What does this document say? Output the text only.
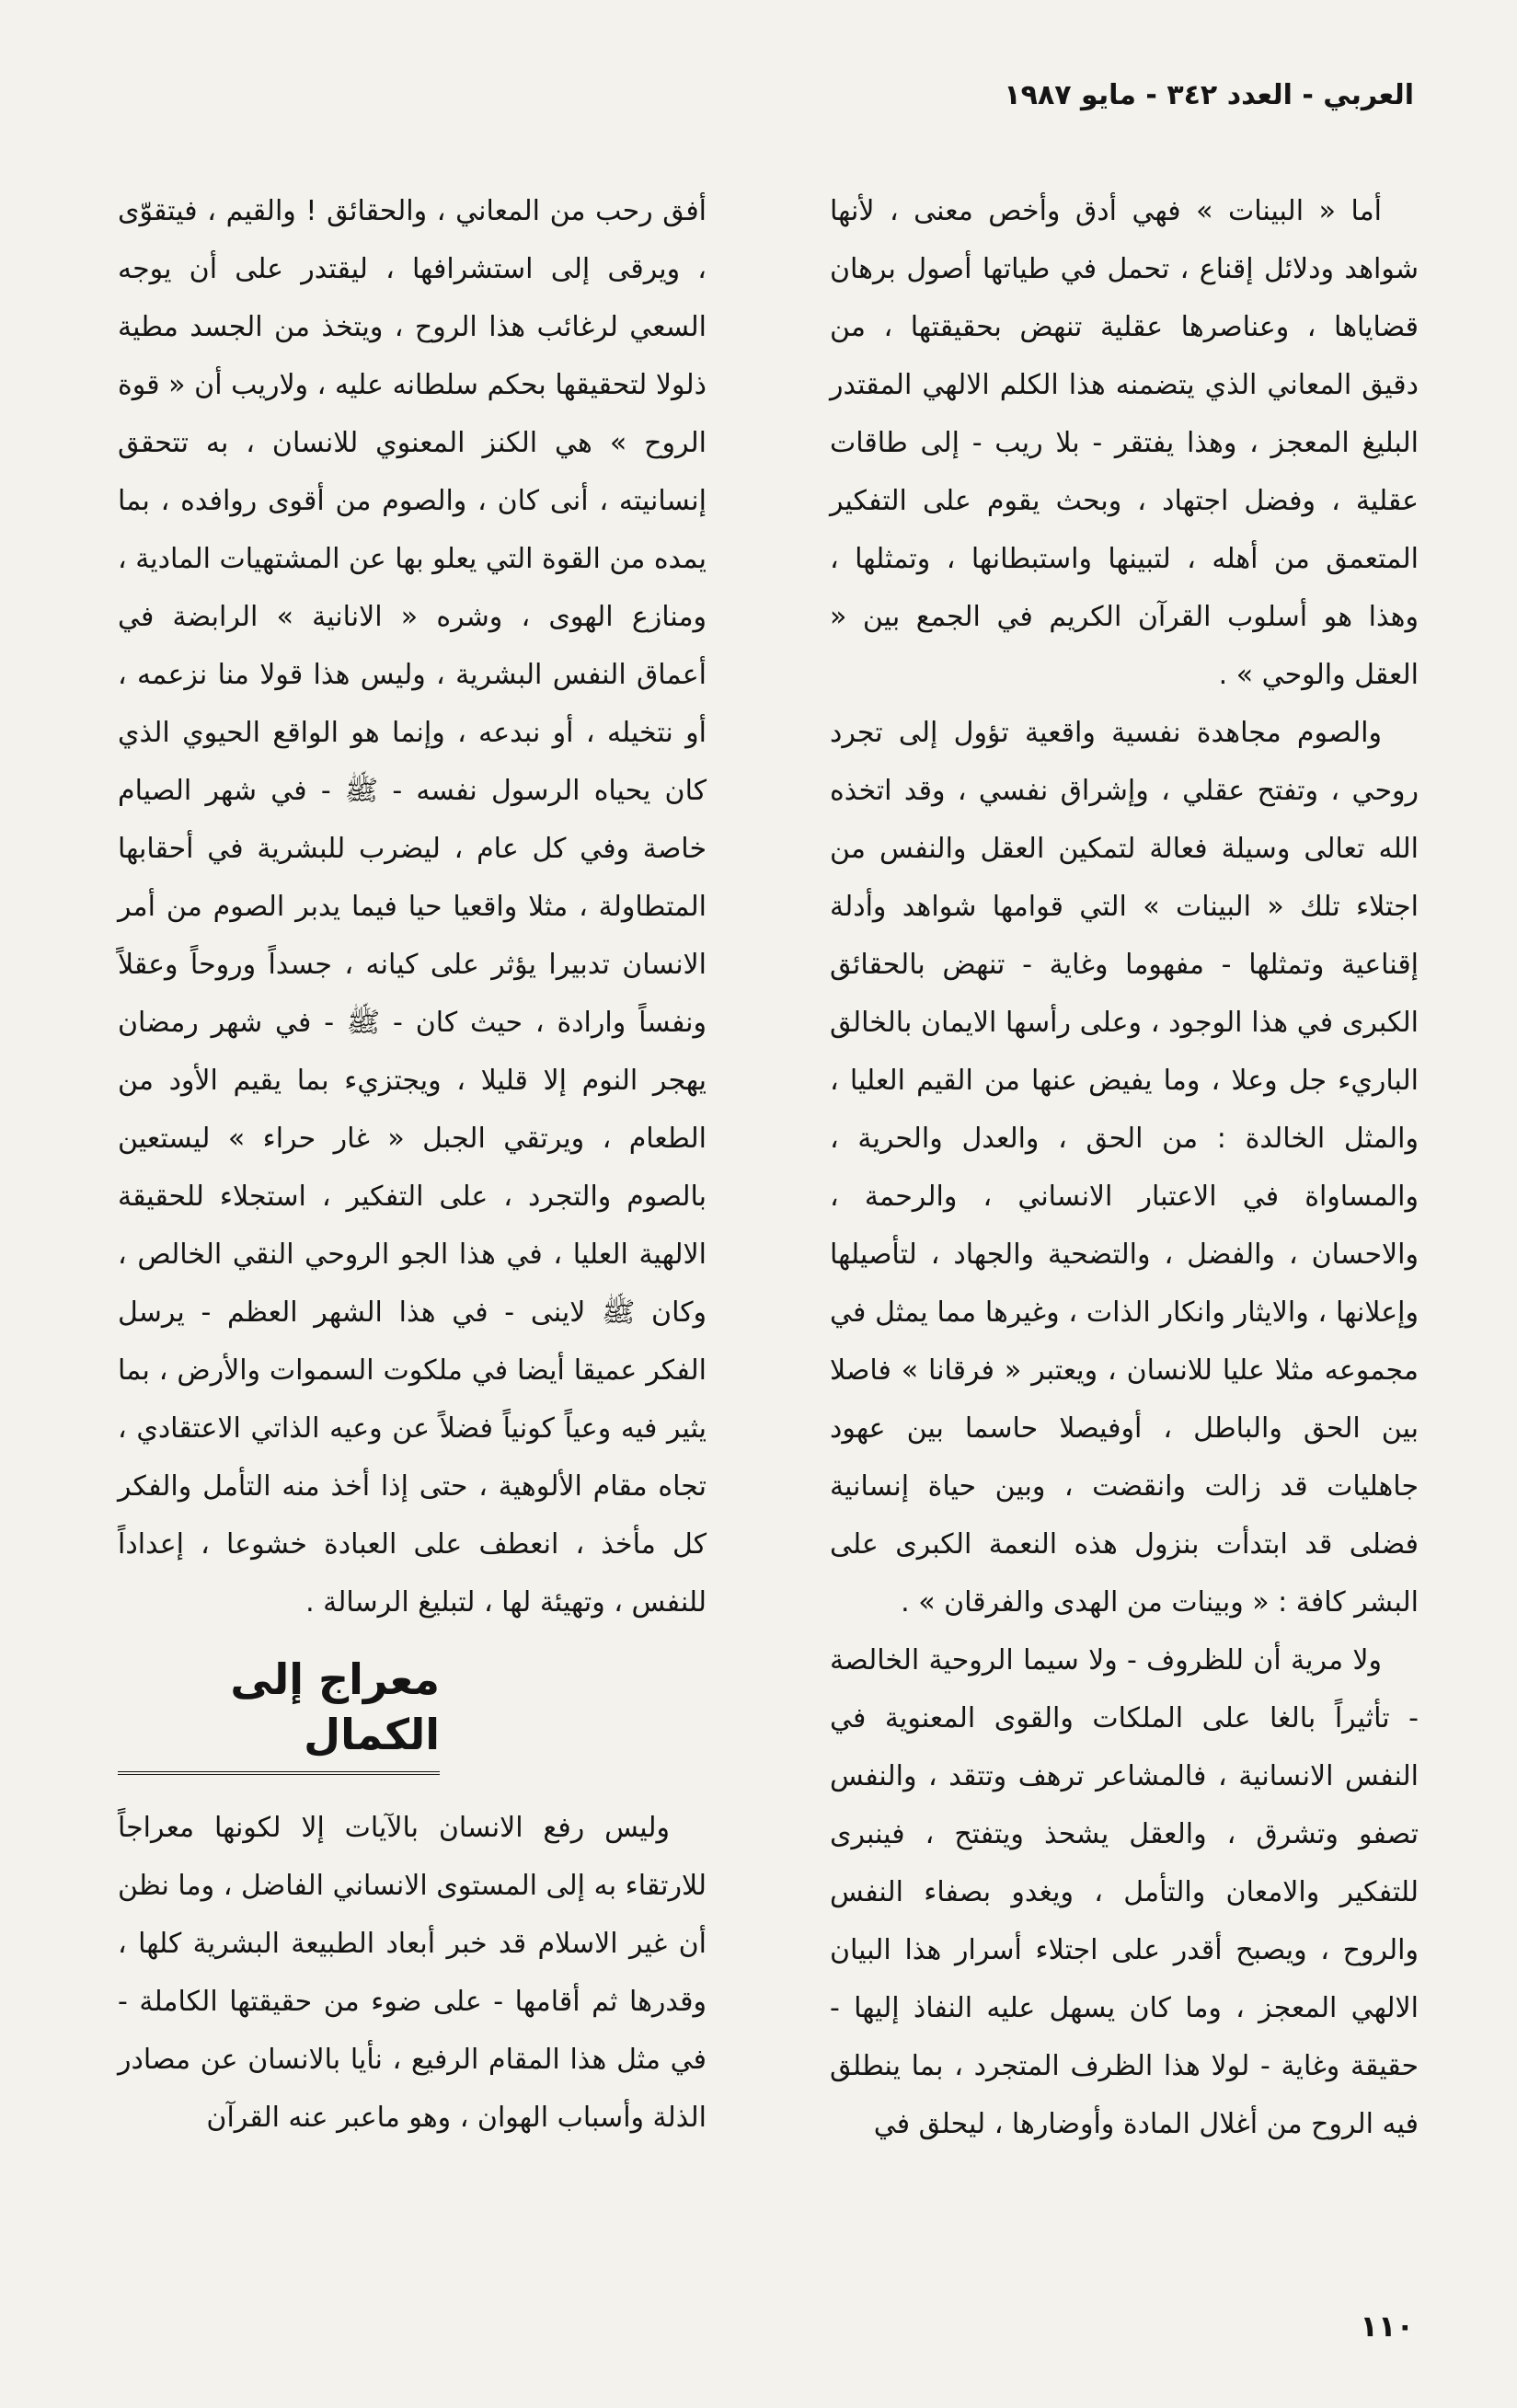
العربي - العدد ٣٤٢ - مايو ١٩٨٧

أما « البينات » فهي أدق وأخص معنى ، لأنها شواهد ودلائل إقناع ، تحمل في طياتها أصول برهان قضاياها ، وعناصرها عقلية تنهض بحقيقتها ، من دقيق المعاني الذي يتضمنه هذا الكلم الالهي المقتدر البليغ المعجز ، وهذا يفتقر - بلا ريب - إلى طاقات عقلية ، وفضل اجتهاد ، وبحث يقوم على التفكير المتعمق من أهله ، لتبينها واستبطانها ، وتمثلها ، وهذا هو أسلوب القرآن الكريم في الجمع بين « العقل والوحي » .

والصوم مجاهدة نفسية واقعية تؤول إلى تجرد روحي ، وتفتح عقلي ، وإشراق نفسي ، وقد اتخذه الله تعالى وسيلة فعالة لتمكين العقل والنفس من اجتلاء تلك « البينات » التي قوامها شواهد وأدلة إقناعية وتمثلها - مفهوما وغاية - تنهض بالحقائق الكبرى في هذا الوجود ، وعلى رأسها الايمان بالخالق الباريء جل وعلا ، وما يفيض عنها من القيم العليا ، والمثل الخالدة : من الحق ، والعدل والحرية ، والمساواة في الاعتبار الانساني ، والرحمة ، والاحسان ، والفضل ، والتضحية والجهاد ، لتأصيلها وإعلانها ، والايثار وانكار الذات ، وغيرها مما يمثل في مجموعه مثلا عليا للانسان ، ويعتبر « فرقانا » فاصلا بين الحق والباطل ، أوفيصلا حاسما بين عهود جاهليات قد زالت وانقضت ، وبين حياة إنسانية فضلى قد ابتدأت بنزول هذه النعمة الكبرى على البشر كافة : « وبينات من الهدى والفرقان » .

ولا مرية أن للظروف - ولا سيما الروحية الخالصة - تأثيراً بالغا على الملكات والقوى المعنوية في النفس الانسانية ، فالمشاعر ترهف وتتقد ، والنفس تصفو وتشرق ، والعقل يشحذ ويتفتح ، فينبرى للتفكير والامعان والتأمل ، ويغدو بصفاء النفس والروح ، ويصبح أقدر على اجتلاء أسرار هذا البيان الالهي المعجز ، وما كان يسهل عليه النفاذ إليها - حقيقة وغاية - لولا هذا الظرف المتجرد ، بما ينطلق فيه الروح من أغلال المادة وأوضارها ، ليحلق في

أفق رحب من المعاني ، والحقائق ! والقيم ، فيتقوّى ، ويرقى إلى استشرافها ، ليقتدر على أن يوجه السعي لرغائب هذا الروح ، ويتخذ من الجسد مطية ذلولا لتحقيقها بحكم سلطانه عليه ، ولاريب أن « قوة الروح » هي الكنز المعنوي للانسان ، به تتحقق إنسانيته ، أنى كان ، والصوم من أقوى روافده ، بما يمده من القوة التي يعلو بها عن المشتهيات المادية ، ومنازع الهوى ، وشره « الانانية » الرابضة في أعماق النفس البشرية ، وليس هذا قولا منا نزعمه ، أو نتخيله ، أو نبدعه ، وإنما هو الواقع الحيوي الذي كان يحياه الرسول نفسه - ﷺ - في شهر الصيام خاصة وفي كل عام ، ليضرب للبشرية في أحقابها المتطاولة ، مثلا واقعيا حيا فيما يدبر الصوم من أمر الانسان تدبيرا يؤثر على كيانه ، جسداً وروحاً وعقلاً ونفساً وارادة ، حيث كان - ﷺ - في شهر رمضان يهجر النوم إلا قليلا ، ويجتزيء بما يقيم الأود من الطعام ، ويرتقي الجبل « غار حراء » ليستعين بالصوم والتجرد ، على التفكير ، استجلاء للحقيقة الالهية العليا ، في هذا الجو الروحي النقي الخالص ، وكان ﷺ لاينى - في هذا الشهر العظم - يرسل الفكر عميقا أيضا في ملكوت السموات والأرض ، بما يثير فيه وعياً كونياً فضلاً عن وعيه الذاتي الاعتقادي ، تجاه مقام الألوهية ، حتى إذا أخذ منه التأمل والفكر كل مأخذ ، انعطف على العبادة خشوعا ، إعداداً للنفس ، وتهيئة لها ، لتبليغ الرسالة .

معراج إلى الكمال

وليس رفع الانسان بالآيات إلا لكونها معراجاً للارتقاء به إلى المستوى الانساني الفاضل ، وما نظن أن غير الاسلام قد خبر أبعاد الطبيعة البشرية كلها ، وقدرها ثم أقامها - على ضوء من حقيقتها الكاملة - في مثل هذا المقام الرفيع ، نأيا بالانسان عن مصادر الذلة وأسباب الهوان ، وهو ماعبر عنه القرآن

١١٠
